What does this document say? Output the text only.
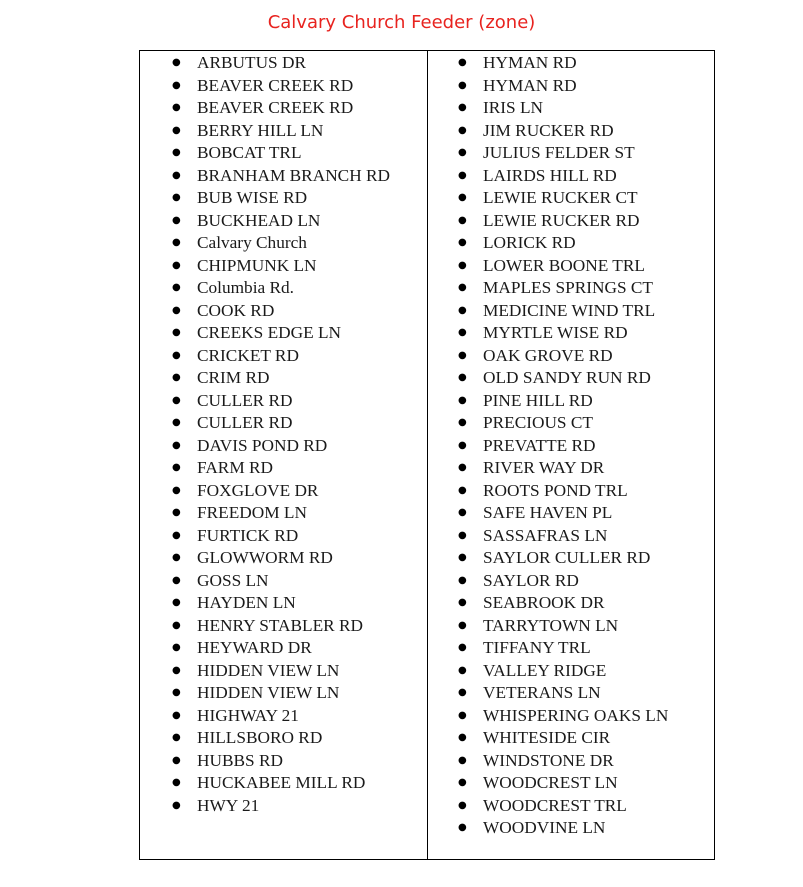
Calvary Church Feeder (zone)
● ARBUTUS DR
● BEAVER CREEK RD
● BEAVER CREEK RD
● BERRY HILL LN
● BOBCAT TRL
● BRANHAM BRANCH RD
● BUB WISE RD
● BUCKHEAD LN
● Calvary Church
● CHIPMUNK LN
● Columbia Rd.
● COOK RD
● CREEKS EDGE LN
● CRICKET RD
● CRIM RD
● CULLER RD
● CULLER RD
● DAVIS POND RD
● FARM RD
● FOXGLOVE DR
● FREEDOM LN
● FURTICK RD
● GLOWWORM RD
● GOSS LN
● HAYDEN LN
● HENRY STABLER RD
● HEYWARD DR
● HIDDEN VIEW LN
● HIDDEN VIEW LN
● HIGHWAY 21
● HILLSBORO RD
● HUBBS RD
● HUCKABEE MILL RD
● HWY 21
● HYMAN RD
● HYMAN RD
● IRIS LN
● JIM RUCKER RD
● JULIUS FELDER ST
● LAIRDS HILL RD
● LEWIE RUCKER CT
● LEWIE RUCKER RD
● LORICK RD
● LOWER BOONE TRL
● MAPLES SPRINGS CT
● MEDICINE WIND TRL
● MYRTLE WISE RD
● OAK GROVE RD
● OLD SANDY RUN RD
● PINE HILL RD
● PRECIOUS CT
● PREVATTE RD
● RIVER WAY DR
● ROOTS POND TRL
● SAFE HAVEN PL
● SASSAFRAS LN
● SAYLOR CULLER RD
● SAYLOR RD
● SEABROOK DR
● TARRYTOWN LN
● TIFFANY TRL
● VALLEY RIDGE
● VETERANS LN
● WHISPERING OAKS LN
● WHITESIDE CIR
● WINDSTONE DR
● WOODCREST LN
● WOODCREST TRL
● WOODVINE LN
